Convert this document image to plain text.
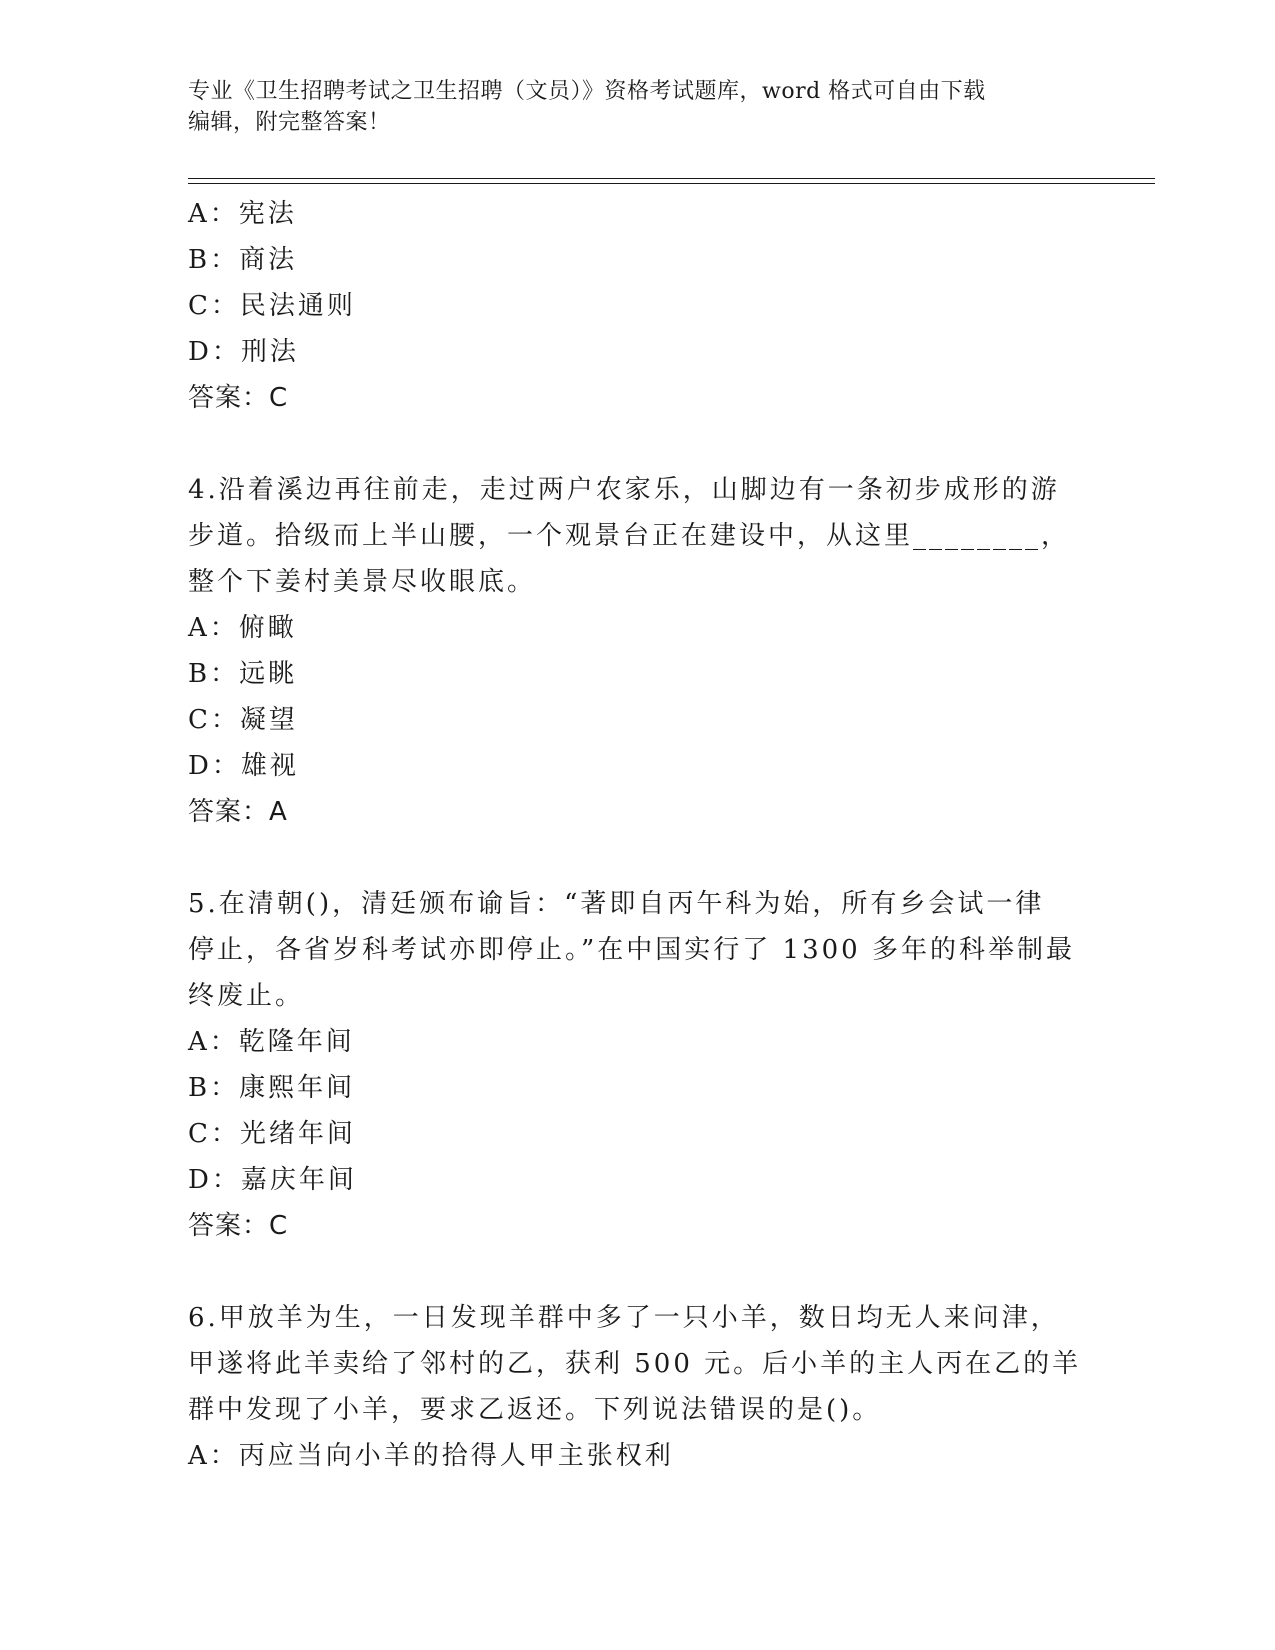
专业《卫生招聘考试之卫生招聘（文员）》资格考试题库，word 格式可自由下载
编辑，附完整答案！
A：宪法
B：商法
C：民法通则
D：刑法
答案：C
4.沿着溪边再往前走，走过两户农家乐，山脚边有一条初步成形的游
步道。拾级而上半山腰，一个观景台正在建设中，从这里________，
整个下姜村美景尽收眼底。
A：俯瞰
B：远眺
C：凝望
D：雄视
答案：A
5.在清朝()，清廷颁布谕旨：“著即自丙午科为始，所有乡会试一律
停止，各省岁科考试亦即停止。”在中国实行了 1300 多年的科举制最
终废止。
A：乾隆年间
B：康熙年间
C：光绪年间
D：嘉庆年间
答案：C
6.甲放羊为生，一日发现羊群中多了一只小羊，数日均无人来问津，
甲遂将此羊卖给了邻村的乙，获利 500 元。后小羊的主人丙在乙的羊
群中发现了小羊，要求乙返还。下列说法错误的是()。
A：丙应当向小羊的拾得人甲主张权利
